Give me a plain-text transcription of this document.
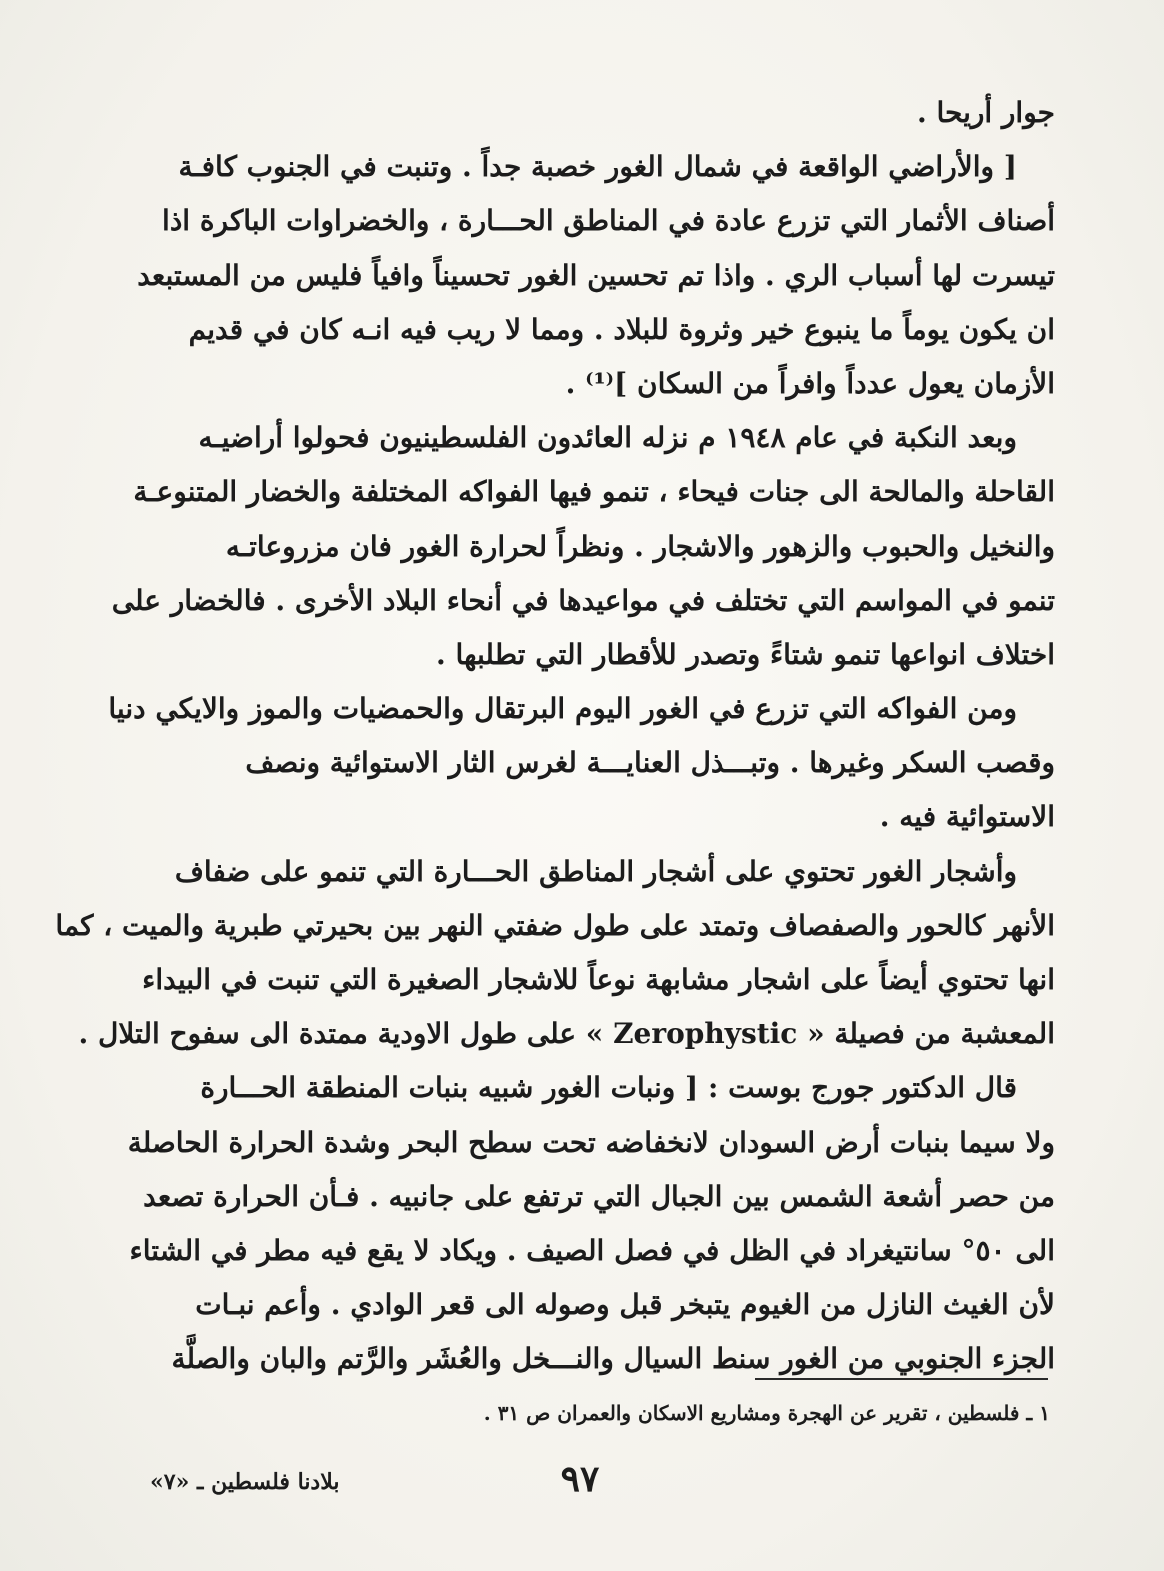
جوار أريحا .
[ والأراضي الواقعة في شمال الغور خصبة جداً . وتنبت في الجنوب كافـة
أصناف الأثمار التي تزرع عادة في المناطق الحـــارة ، والخضراوات الباكرة اذا
تيسرت لها أسباب الري . واذا تم تحسين الغور تحسيناً وافياً فليس من المستبعد
ان يكون يوماً ما ينبوع خير وثروة للبلاد . ومما لا ريب فيه انـه كان في قديم
الأزمان يعول عدداً وافراً من السكان ]⁽¹⁾ .
وبعد النكبة في عام ١٩٤٨ م نزله العائدون الفلسطينيون فحولوا أراضيـه
القاحلة والمالحة الى جنات فيحاء ، تنمو فيها الفواكه المختلفة والخضار المتنوعـة
والنخيل والحبوب والزهور والاشجار . ونظراً لحرارة الغور فان مزروعاتـه
تنمو في المواسم التي تختلف في مواعيدها في أنحاء البلاد الأخرى . فالخضار على
اختلاف انواعها تنمو شتاءً وتصدر للأقطار التي تطلبها .
ومن الفواكه التي تزرع في الغور اليوم البرتقال والحمضيات والموز والايكي دنيا
وقصب السكر وغيرها . وتبـــذل العنايـــة لغرس الثار الاستوائية ونصف
الاستوائية فيه .
وأشجار الغور تحتوي على أشجار المناطق الحـــارة التي تنمو على ضفاف
الأنهر كالحور والصفصاف وتمتد على طول ضفتي النهر بين بحيرتي طبرية والميت ، كما
انها تحتوي أيضاً على اشجار مشابهة نوعاً للاشجار الصغيرة التي تنبت في البيداء
المعشبة من فصيلة « Zerophystic » على طول الاودية ممتدة الى سفوح التلال .
قال الدكتور جورج بوست : [ ونبات الغور شبيه بنبات المنطقة الحـــارة
ولا سيما بنبات أرض السودان لانخفاضه تحت سطح البحر وشدة الحرارة الحاصلة
من حصر أشعة الشمس بين الجبال التي ترتفع على جانبيه . فـأن الحرارة تصعد
الى ٥٠° سانتيغراد في الظل في فصل الصيف . ويكاد لا يقع فيه مطر في الشتاء
لأن الغيث النازل من الغيوم يتبخر قبل وصوله الى قعر الوادي . وأعم نبـات
الجزء الجنوبي من الغور سنط السيال والنـــخل والعُشَر والرَّتم والبان والصلَّة
١ ـ فلسطين ، تقرير عن الهجرة ومشاريع الاسكان والعمران ص ٣١ .
٩٧
بلادنا فلسطين ـ «٧»
